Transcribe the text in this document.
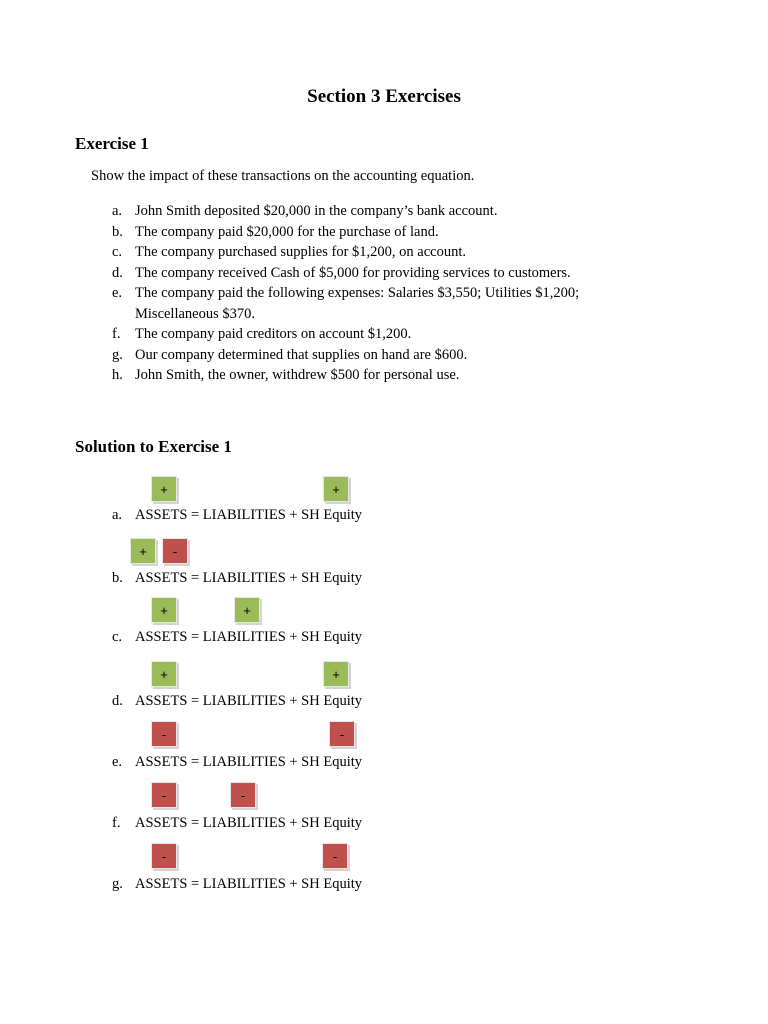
Section 3 Exercises
Exercise 1
Show the impact of these transactions on the accounting equation.
a. John Smith deposited $20,000 in the company’s bank account.
b. The company paid $20,000 for the purchase of land.
c. The company purchased supplies for $1,200, on account.
d. The company received Cash of $5,000 for providing services to customers.
e. The company paid the following expenses: Salaries $3,550; Utilities $1,200; Miscellaneous $370.
f.	The company paid creditors on account $1,200.
g. Our company determined that supplies on hand are $600.
h. John Smith, the owner, withdrew $500 for personal use.
Solution to Exercise 1
+	+
a. ASSETS = LIABILITIES + SH Equity
+	-
b. ASSETS = LIABILITIES + SH Equity
+	+
c. ASSETS = LIABILITIES + SH Equity
+	+
d. ASSETS = LIABILITIES + SH Equity
-	-
e. ASSETS = LIABILITIES + SH Equity
-	-
f.	ASSETS = LIABILITIES + SH Equity
-	-
g. ASSETS = LIABILITIES + SH Equity
